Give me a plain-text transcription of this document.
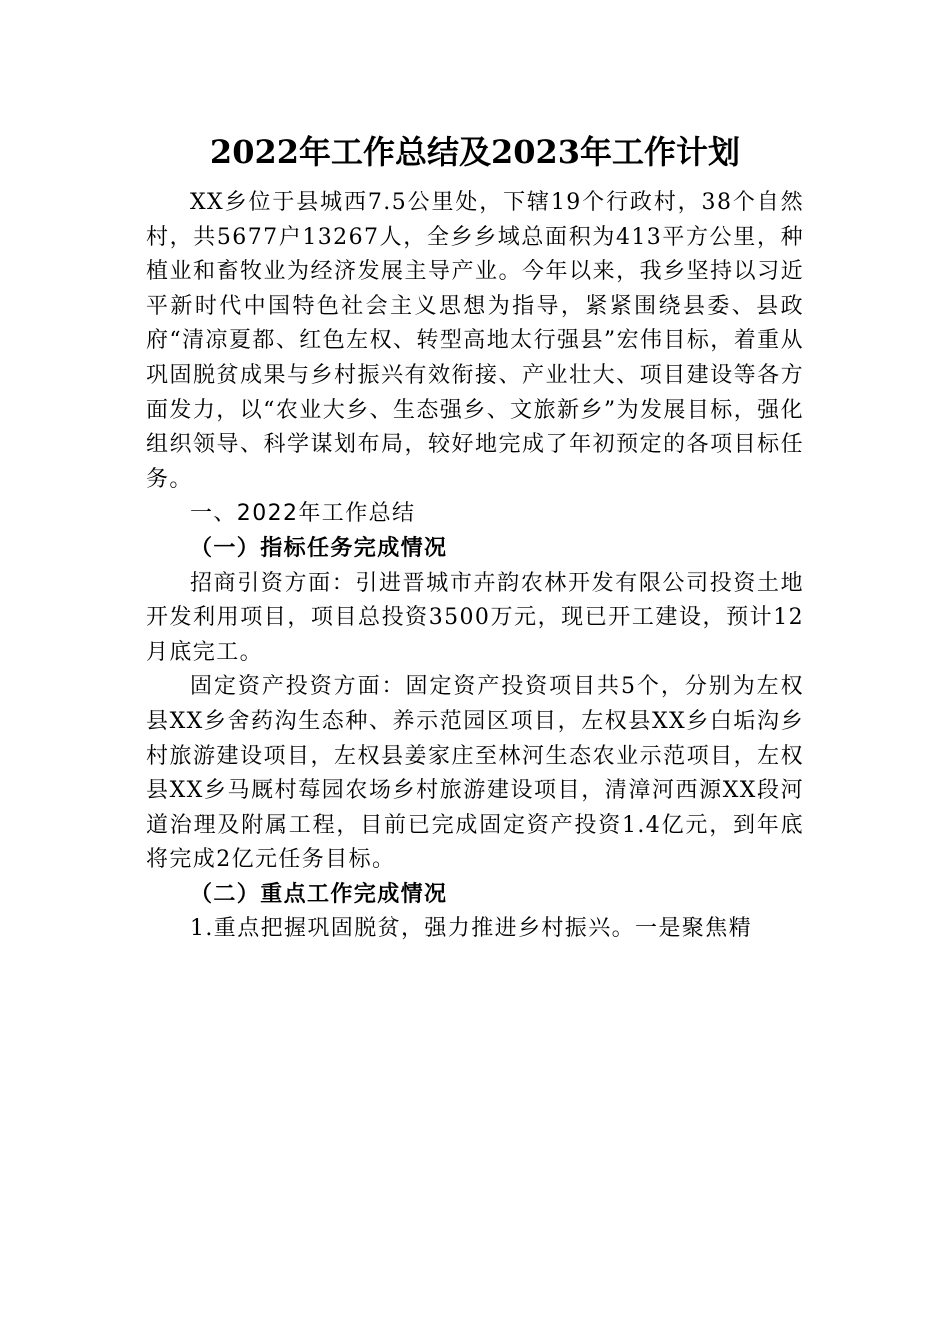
2022年工作总结及2023年工作计划

XX乡位于县城西7.5公里处，下辖19个行政村，38个自然村，共5677户13267人，全乡乡域总面积为413平方公里，种植业和畜牧业为经济发展主导产业。今年以来，我乡坚持以习近平新时代中国特色社会主义思想为指导，紧紧围绕县委、县政府“清凉夏都、红色左权、转型高地太行强县”宏伟目标，着重从巩固脱贫成果与乡村振兴有效衔接、产业壮大、项目建设等各方面发力，以“农业大乡、生态强乡、文旅新乡”为发展目标，强化组织领导、科学谋划布局，较好地完成了年初预定的各项目标任务。

一、2022年工作总结

（一）指标任务完成情况

招商引资方面：引进晋城市卉韵农林开发有限公司投资土地开发利用项目，项目总投资3500万元，现已开工建设，预计12月底完工。

固定资产投资方面：固定资产投资项目共5个，分别为左权县XX乡舍药沟生态种、养示范园区项目，左权县XX乡白垢沟乡村旅游建设项目，左权县姜家庄至林河生态农业示范项目，左权县XX乡马厩村莓园农场乡村旅游建设项目，清漳河西源XX段河道治理及附属工程，目前已完成固定资产投资1.4亿元，到年底将完成2亿元任务目标。

（二）重点工作完成情况

1.重点把握巩固脱贫，强力推进乡村振兴。一是聚焦精
